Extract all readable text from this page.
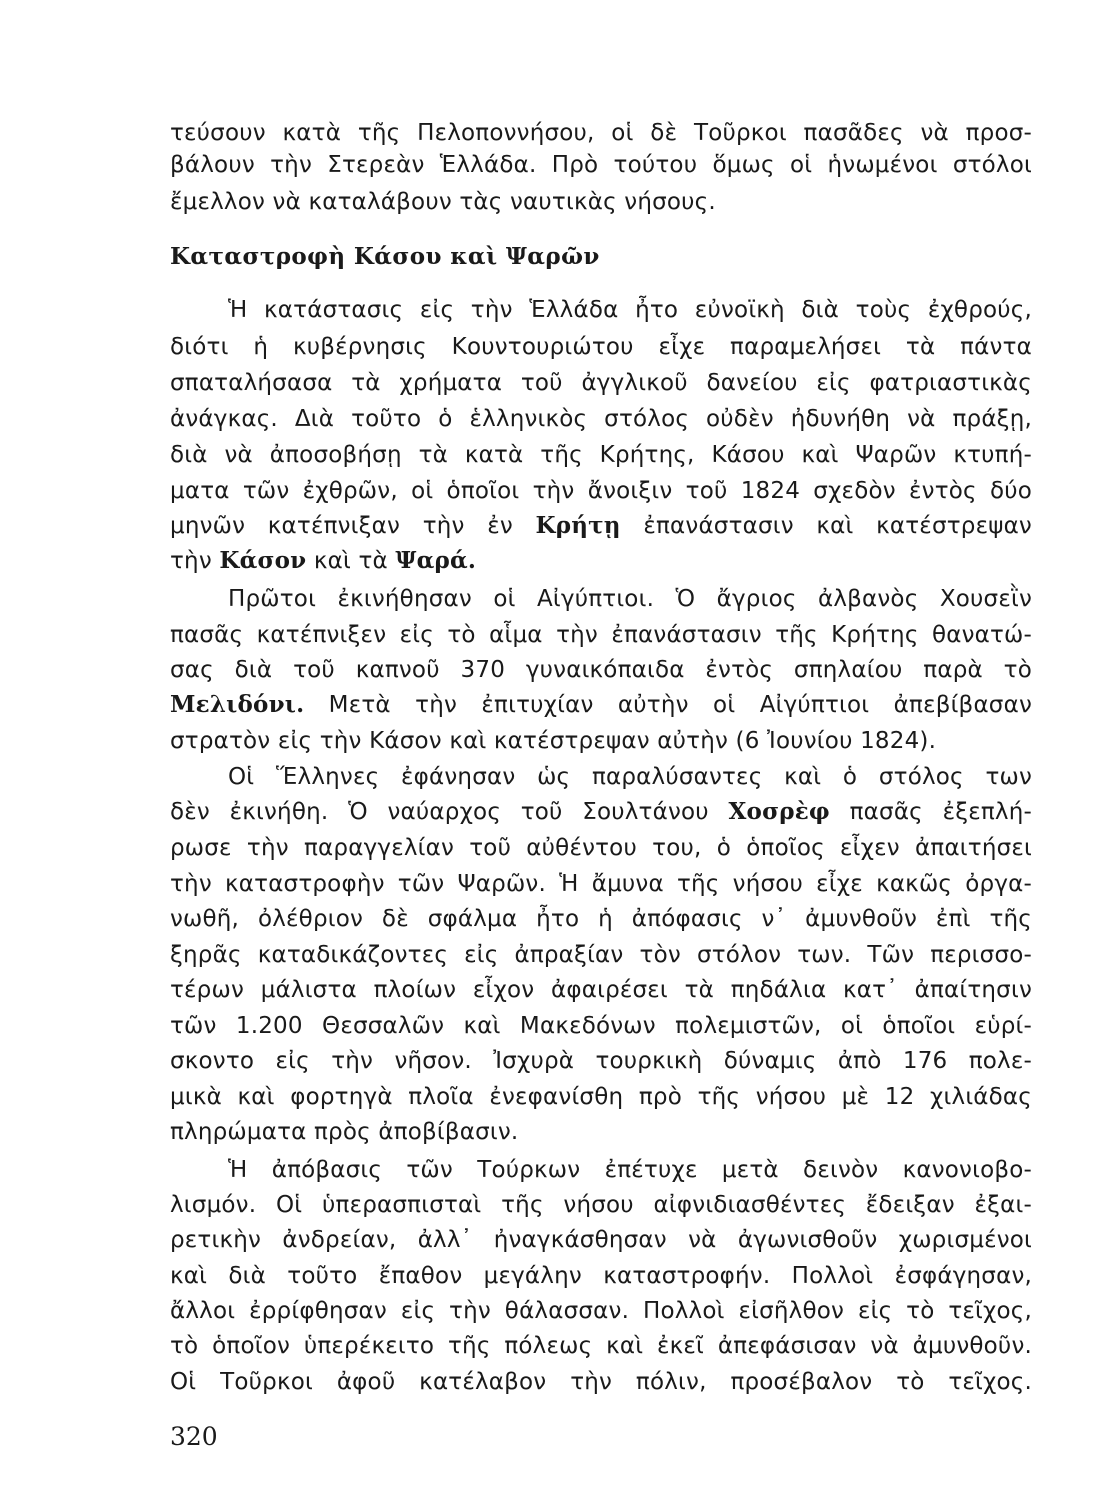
τεύσουν κατὰ τῆς Πελοποννήσου, οἱ δὲ Τοῦρκοι πασᾶδες νὰ προσ-

βάλουν τὴν Στερεὰν Ἑλλάδα. Πρὸ τούτου ὅμως οἱ ἡνωμένοι στόλοι

ἔμελλον νὰ καταλάβουν τὰς ναυτικὰς νήσους.

Καταστροφὴ Κάσου καὶ Ψαρῶν

Ἡ κατάστασις εἰς τὴν Ἑλλάδα ἦτο εὐνοϊκὴ διὰ τοὺς ἐχθρούς,

διότι ἡ κυβέρνησις Κουντουριώτου εἶχε παραμελήσει τὰ πάντα

σπαταλήσασα τὰ χρήματα τοῦ ἀγγλικοῦ δανείου εἰς φατριαστικὰς

ἀνάγκας. Διὰ τοῦτο ὁ ἑλληνικὸς στόλος οὐδὲν ἠδυνήθη νὰ πράξῃ,

διὰ νὰ ἀποσοβήσῃ τὰ κατὰ τῆς Κρήτης, Κάσου καὶ Ψαρῶν κτυπή-

ματα τῶν ἐχθρῶν, οἱ ὁποῖοι τὴν ἄνοιξιν τοῦ 1824 σχεδὸν ἐντὸς δύο

μηνῶν κατέπνιξαν τὴν ἐν Κρήτῃ ἐπανάστασιν καὶ κατέστρεψαν

τὴν Κάσον καὶ τὰ Ψαρά.

Πρῶτοι ἐκινήθησαν οἱ Αἰγύπτιοι. Ὁ ἄγριος ἀλβανὸς Χουσεῒν

πασᾶς κατέπνιξεν εἰς τὸ αἷμα τὴν ἐπανάστασιν τῆς Κρήτης θανατώ-

σας διὰ τοῦ καπνοῦ 370 γυναικόπαιδα ἐντὸς σπηλαίου παρὰ τὸ

Μελιδόνι. Μετὰ τὴν ἐπιτυχίαν αὐτὴν οἱ Αἰγύπτιοι ἀπεβίβασαν

στρατὸν εἰς τὴν Κάσον καὶ κατέστρεψαν αὐτὴν (6 Ἰουνίου 1824).

Οἱ Ἕλληνες ἐφάνησαν ὡς παραλύσαντες καὶ ὁ στόλος των

δὲν ἐκινήθη. Ὁ ναύαρχος τοῦ Σουλτάνου Χοσρὲφ πασᾶς ἐξεπλή-

ρωσε τὴν παραγγελίαν τοῦ αὐθέντου του, ὁ ὁποῖος εἶχεν ἀπαιτήσει

τὴν καταστροφὴν τῶν Ψαρῶν. Ἡ ἄμυνα τῆς νήσου εἶχε κακῶς ὀργα-

νωθῆ, ὀλέθριον δὲ σφάλμα ἦτο ἡ ἀπόφασις ν᾽ ἀμυνθοῦν ἐπὶ τῆς

ξηρᾶς καταδικάζοντες εἰς ἀπραξίαν τὸν στόλον των. Τῶν περισσο-

τέρων μάλιστα πλοίων εἶχον ἀφαιρέσει τὰ πηδάλια κατ᾽ ἀπαίτησιν

τῶν 1.200 Θεσσαλῶν καὶ Μακεδόνων πολεμιστῶν, οἱ ὁποῖοι εὑρί-

σκοντο εἰς τὴν νῆσον. Ἰσχυρὰ τουρκικὴ δύναμις ἀπὸ 176 πολε-

μικὰ καὶ φορτηγὰ πλοῖα ἐνεφανίσθη πρὸ τῆς νήσου μὲ 12 χιλιάδας

πληρώματα πρὸς ἀποβίβασιν.

Ἡ ἀπόβασις τῶν Τούρκων ἐπέτυχε μετὰ δεινὸν κανονιοβο-

λισμόν. Οἱ ὑπερασπισταὶ τῆς νήσου αἰφνιδιασθέντες ἔδειξαν ἐξαι-

ρετικὴν ἀνδρείαν, ἀλλ᾽ ἠναγκάσθησαν νὰ ἀγωνισθοῦν χωρισμένοι

καὶ διὰ τοῦτο ἔπαθον μεγάλην καταστροφήν. Πολλοὶ ἐσφάγησαν,

ἄλλοι ἐρρίφθησαν εἰς τὴν θάλασσαν. Πολλοὶ εἰσῆλθον εἰς τὸ τεῖχος,

τὸ ὁποῖον ὑπερέκειτο τῆς πόλεως καὶ ἐκεῖ ἀπεφάσισαν νὰ ἀμυνθοῦν.

Οἱ Τοῦρκοι ἀφοῦ κατέλαβον τὴν πόλιν, προσέβαλον τὸ τεῖχος.

320
